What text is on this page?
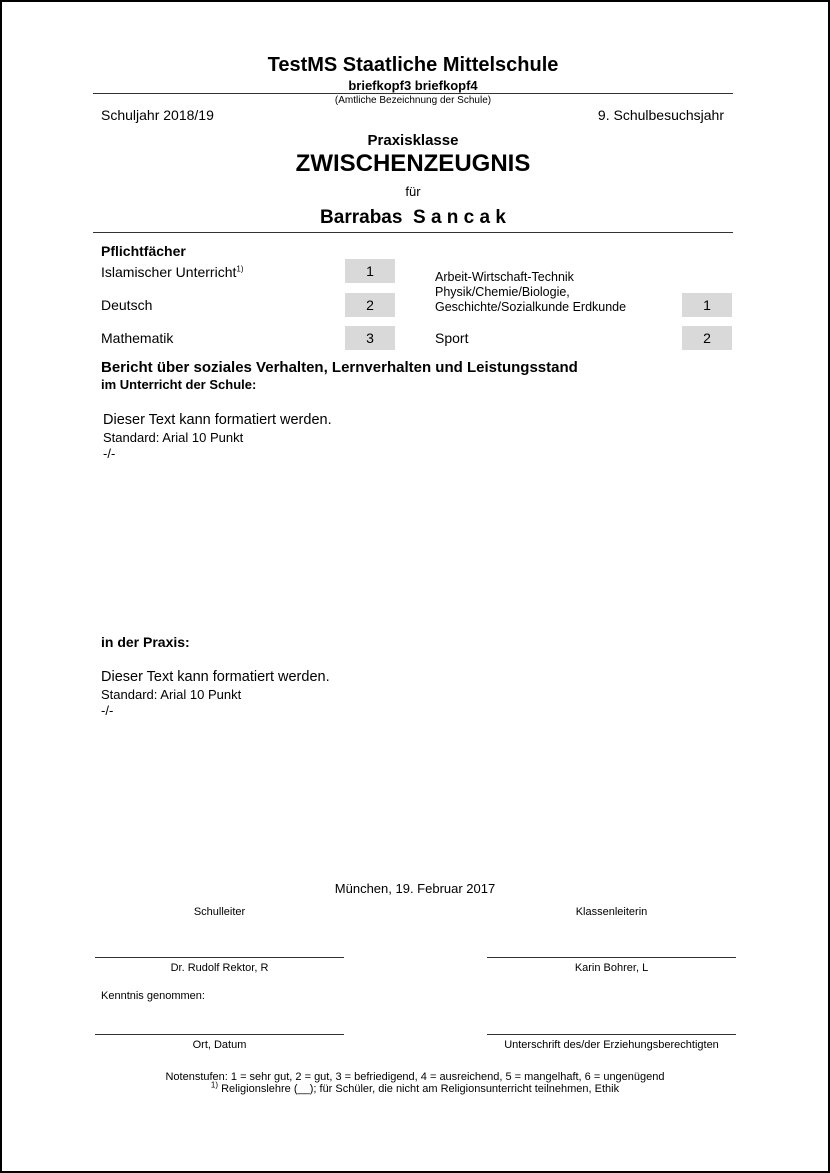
TestMS Staatliche Mittelschule
briefkopf3 briefkopf4
(Amtliche Bezeichnung der Schule)
Schuljahr 2018/19	9. Schulbesuchsjahr
Praxisklasse
ZWISCHENZEUGNIS
für
Barrabas  S a n c a k
Pflichtfächer
Islamischer Unterricht$^{1)}$	1
Deutsch	2
Mathematik	3
Arbeit-Wirtschaft-Technik
Physik/Chemie/Biologie,
Geschichte/Sozialkunde Erdkunde	1
Sport	2
Bericht über soziales Verhalten, Lernverhalten und Leistungsstand
im Unterricht der Schule:
Dieser Text kann formatiert werden.
Standard: Arial 10 Punkt
-/-
in der Praxis:
Dieser Text kann formatiert werden.
Standard: Arial 10 Punkt
-/-
München, 19. Februar 2017
Schulleiter	Klassenleiterin
Dr. Rudolf Rektor, R	Karin Bohrer, L
Kenntnis genommen:
Ort, Datum	Unterschrift des/der Erziehungsberechtigten
Notenstufen: 1 = sehr gut, 2 = gut, 3 = befriedigend, 4 = ausreichend, 5 = mangelhaft, 6 = ungenügend
$^{1)}$ Religionslehre (__); für Schüler, die nicht am Religionsunterricht teilnehmen, Ethik
